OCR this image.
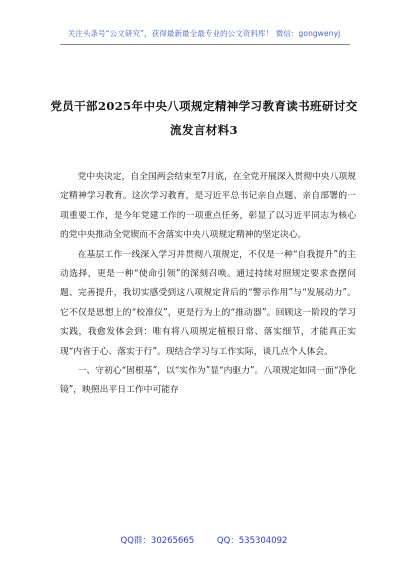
关注头条号“公文研究”，获得最新最全最专业的公文资料库！ 微信：gongwenyj
党员干部2025年中央八项规定精神学习教育读书班研讨交
流发言材料3

党中央决定，自全国两会结束至7月底，在全党开展深入贯彻中央八项规定精神学习教育。这次学习教育，是习近平总书记亲自点题、亲自部署的一项重要工作，是今年党建工作的一项重点任务，彰显了以习近平同志为核心的党中央推动全党锲而不舍落实中央八项规定精神的坚定决心。

在基层工作一线深入学习并贯彻八项规定，不仅是一种“自我提升”的主动选择，更是一种“使命引领”的深刻召唤。通过持续对照规定要求查摆问题、完善提升，我切实感受到这八项规定背后的“警示作用”与“发展动力”。它不仅是思想上的“校准仪”，更是行为上的“推动器”。回顾这一阶段的学习实践，我愈发体会到：唯有将八项规定植根日常、落实细节，才能真正实现“内省于心、落实于行”。现结合学习与工作实际，谈几点个人体会。

一、守初心“固根基”，以“实作为”显“内驱力”。八项规定如同一面“净化镜”，映照出平日工作中可能存

QQ群：30265665	QQ：535304092
